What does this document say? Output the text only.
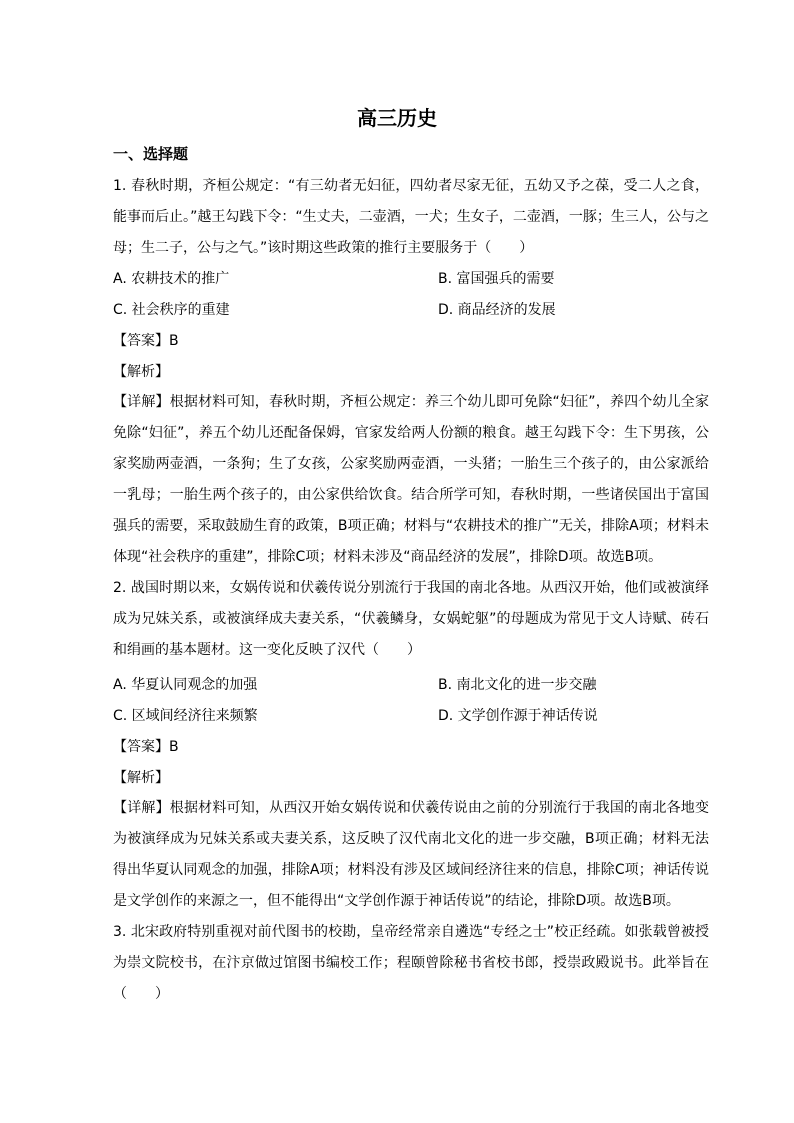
高三历史
一、选择题

1. 春秋时期，齐桓公规定：“有三幼者无妇征，四幼者尽家无征，五幼又予之葆，受二人之食，能事而后止。”越王勾践下令：“生丈夫，二壶酒，一犬；生女子，二壶酒，一豚；生三人，公与之母；生二子，公与之气。”该时期这些政策的推行主要服务于（　　）

A. 农耕技术的推广	B. 富国强兵的需要
C. 社会秩序的重建	D. 商品经济的发展
【答案】B
【解析】

【详解】根据材料可知，春秋时期，齐桓公规定：养三个幼儿即可免除“妇征”，养四个幼儿全家免除“妇征”，养五个幼儿还配备保姆，官家发给两人份额的粮食。越王勾践下令：生下男孩，公家奖励两壶酒，一条狗；生了女孩，公家奖励两壶酒，一头猪；一胎生三个孩子的，由公家派给一乳母；一胎生两个孩子的，由公家供给饮食。结合所学可知，春秋时期，一些诸侯国出于富国强兵的需要，采取鼓励生育的政策，B项正确；材料与“农耕技术的推广”无关，排除A项；材料未体现“社会秩序的重建”，排除C项；材料未涉及“商品经济的发展”，排除D项。故选B项。

2. 战国时期以来，女娲传说和伏羲传说分别流行于我国的南北各地。从西汉开始，他们或被演绎成为兄妹关系，或被演绎成夫妻关系，“伏羲鳞身，女娲蛇躯”的母题成为常见于文人诗赋、砖石和绢画的基本题材。这一变化反映了汉代（　　）

A. 华夏认同观念的加强	B. 南北文化的进一步交融
C. 区域间经济往来频繁	D. 文学创作源于神话传说
【答案】B
【解析】

【详解】根据材料可知，从西汉开始女娲传说和伏羲传说由之前的分别流行于我国的南北各地变为被演绎成为兄妹关系或夫妻关系，这反映了汉代南北文化的进一步交融，B项正确；材料无法得出华夏认同观念的加强，排除A项；材料没有涉及区域间经济往来的信息，排除C项；神话传说是文学创作的来源之一，但不能得出“文学创作源于神话传说”的结论，排除D项。故选B项。

3. 北宋政府特别重视对前代图书的校勘，皇帝经常亲自遴选“专经之士”校正经疏。如张载曾被授为崇文院校书，在汴京做过馆图书编校工作；程颐曾除秘书省校书郎，授崇政殿说书。此举旨在（　　）
